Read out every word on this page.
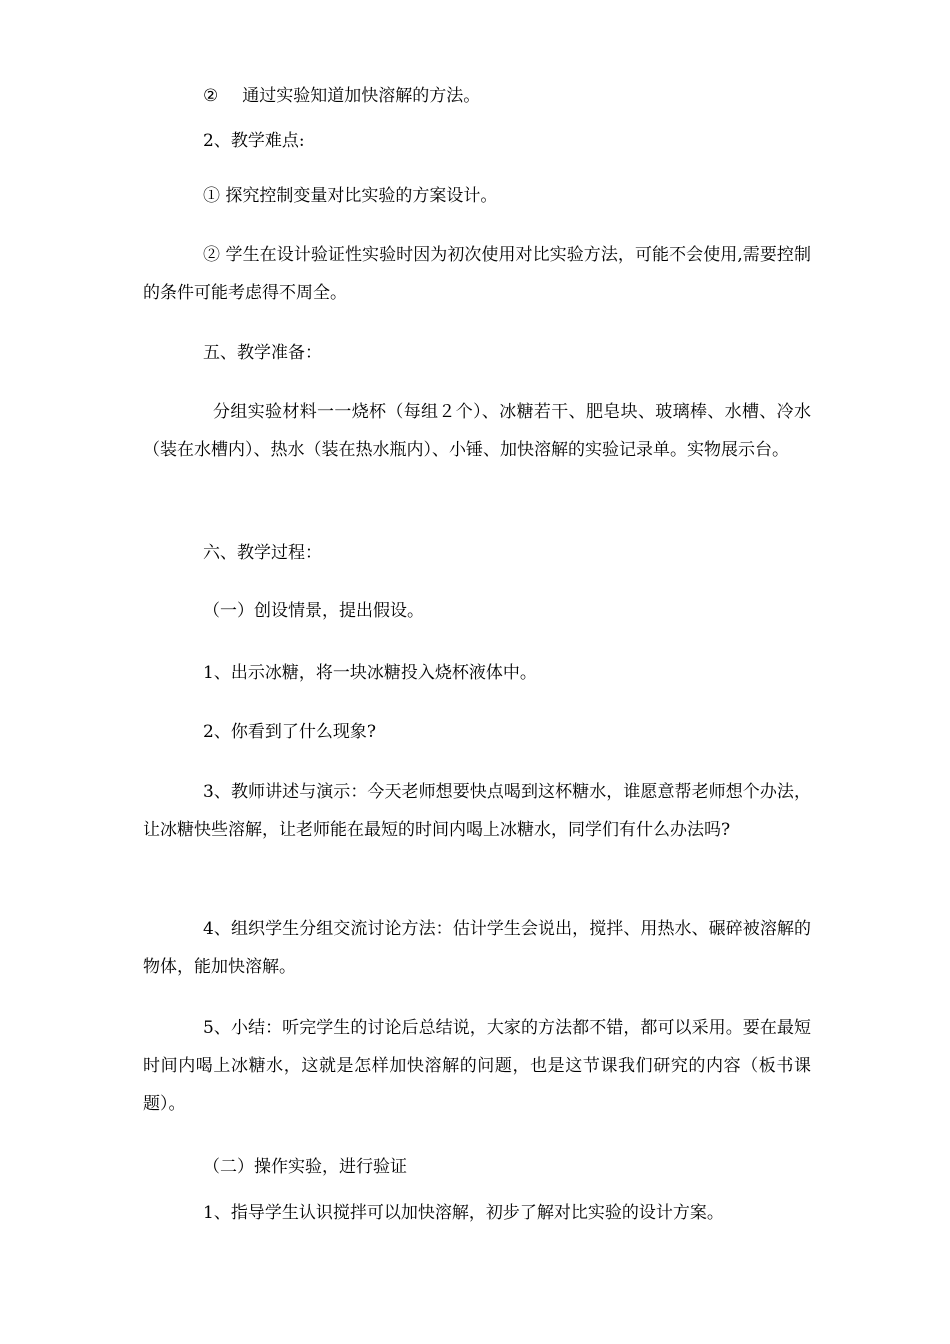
② 通过实验知道加快溶解的方法。

2、教学难点:

① 探究控制变量对比实验的方案设计。

② 学生在设计验证性实验时因为初次使用对比实验方法，可能不会使用,需要控制的条件可能考虑得不周全。

五、教学准备：

分组实验材料一一烧杯（每组２个）、冰糖若干、肥皂块、玻璃棒、水槽、冷水（装在水槽内）、热水（装在热水瓶内）、小锤、加快溶解的实验记录单。实物展示台。

六、教学过程：

（一）创设情景，提出假设。

1、出示冰糖，将一块冰糖投入烧杯液体中。

2、你看到了什么现象?

3、教师讲述与演示：今天老师想要快点喝到这杯糖水，谁愿意帮老师想个办法，让冰糖快些溶解，让老师能在最短的时间内喝上冰糖水，同学们有什么办法吗?

4、组织学生分组交流讨论方法：估计学生会说出，搅拌、用热水、碾碎被溶解的物体，能加快溶解。

5、小结：听完学生的讨论后总结说，大家的方法都不错，都可以采用。要在最短时间内喝上冰糖水，这就是怎样加快溶解的问题，也是这节课我们研究的内容（板书课题）。

（二）操作实验，进行验证

1、指导学生认识搅拌可以加快溶解，初步了解对比实验的设计方案。
